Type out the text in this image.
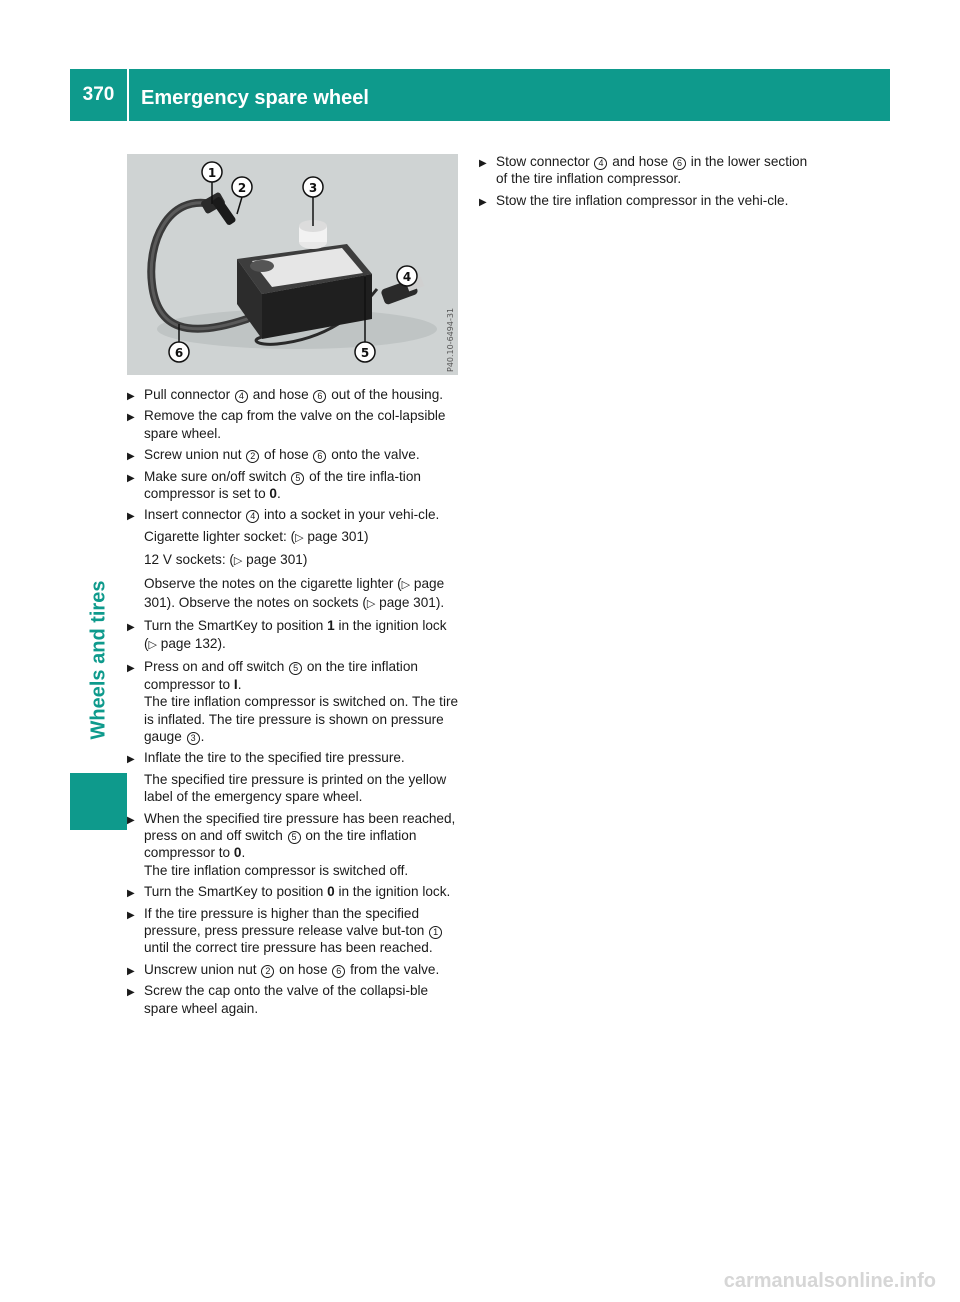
370	Emergency spare wheel
Wheels and tires
1
2	3
4
5
6	P40.10-6494-31
▶ Pull connector 4 and hose 6 out of the housing.
▶ Remove the cap from the valve on the col-lapsible spare wheel.
▶ Screw union nut 2 of hose 6 onto the valve.
▶ Make sure on/off switch 5 of the tire infla-tion compressor is set to 0.
▶ Insert connector 4 into a socket in your vehi-cle.
Cigarette lighter socket: (▷ page 301)
12 V sockets: (▷ page 301)
Observe the notes on the cigarette lighter (▷ page 301). Observe the notes on sockets (▷ page 301).
▶ Turn the SmartKey to position 1 in the ignition lock (▷ page 132).
▶ Press on and off switch 5 on the tire inflation compressor to I.
The tire inflation compressor is switched on. The tire is inflated. The tire pressure is shown on pressure gauge 3 .
▶ Inflate the tire to the specified tire pressure.
The specified tire pressure is printed on the yellow label of the emergency spare wheel.
▶ When the specified tire pressure has been reached, press on and off switch 5 on the tire inflation compressor to 0.
The tire inflation compressor is switched off.
▶ Turn the SmartKey to position 0 in the ignition lock.
▶ If the tire pressure is higher than the specified pressure, press pressure release valve but-ton 1 until the correct tire pressure has been reached.
▶ Unscrew union nut 2 on hose 6 from the valve.
▶ Screw the cap onto the valve of the collapsi-ble spare wheel again.
▶ Stow connector 4 and hose 6 in the lower section of the tire inflation compressor.
▶ Stow the tire inflation compressor in the vehi-cle.
carmanualsonline.info
